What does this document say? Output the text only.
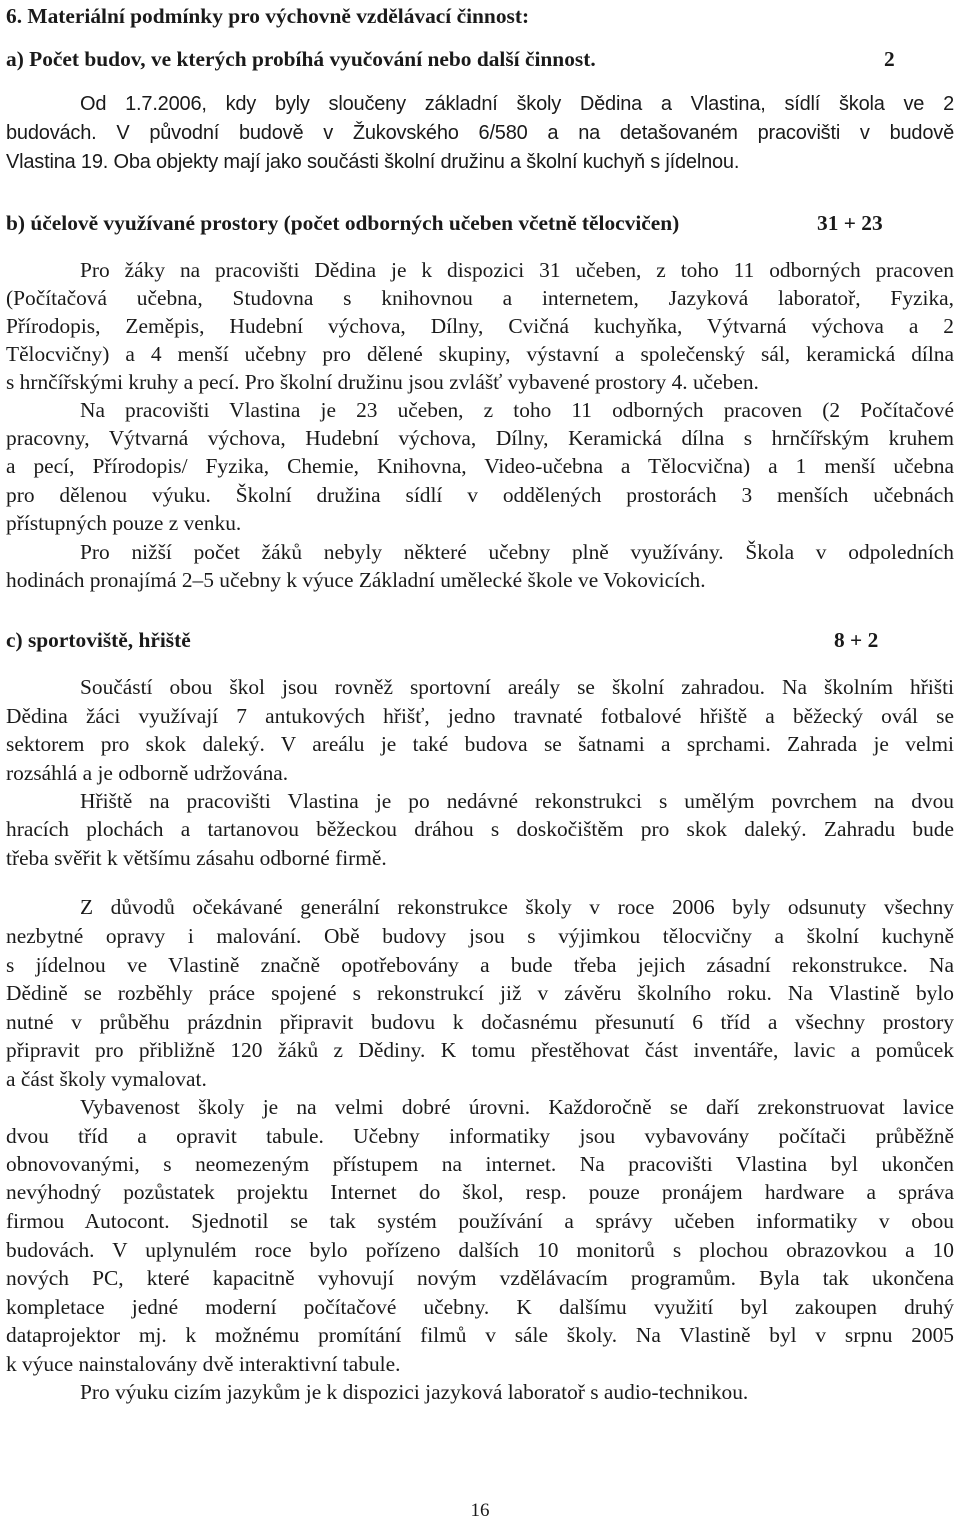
6. Materiální podmínky pro výchovně vzdělávací činnost:
a) Počet budov, ve kterých probíhá vyučování nebo další činnost.	2
Od 1.7.2006, kdy byly sloučeny základní školy Dědina a Vlastina, sídlí škola ve 2
budovách. V původní budově v Žukovského 6/580 a na detašovaném pracovišti v budově
Vlastina 19. Oba objekty mají jako součásti školní družinu a školní kuchyň s jídelnou.
b) účelově využívané prostory (počet odborných učeben včetně tělocvičen)	31 + 23
Pro žáky na pracovišti Dědina je k dispozici 31 učeben, z toho 11 odborných pracoven
(Počítačová učebna, Studovna s knihovnou a internetem, Jazyková laboratoř, Fyzika,
Přírodopis, Zeměpis, Hudební výchova, Dílny, Cvičná kuchyňka, Výtvarná výchova a 2
Tělocvičny) a 4 menší učebny pro dělené skupiny, výstavní a společenský sál, keramická dílna
s hrnčířskými kruhy a pecí. Pro školní družinu jsou zvlášť vybavené prostory 4. učeben.
Na pracovišti Vlastina je 23 učeben, z toho 11 odborných pracoven (2 Počítačové
pracovny, Výtvarná výchova, Hudební výchova, Dílny, Keramická dílna s hrnčířským kruhem
a pecí, Přírodopis/ Fyzika, Chemie, Knihovna, Video-učebna a Tělocvična) a 1 menší učebna
pro dělenou výuku. Školní družina sídlí v oddělených prostorách 3 menších učebnách
přístupných pouze z venku.
Pro nižší počet žáků nebyly některé učebny plně využívány. Škola v odpoledních
hodinách pronajímá 2–5 učebny k výuce Základní umělecké škole ve Vokovicích.
c) sportoviště, hřiště	8 + 2
Součástí obou škol jsou rovněž sportovní areály se školní zahradou. Na školním hřišti
Dědina žáci využívají 7 antukových hřišť, jedno travnaté fotbalové hřiště a běžecký ovál se
sektorem pro skok daleký. V areálu je také budova se šatnami a sprchami. Zahrada je velmi
rozsáhlá a je odborně udržována.
Hřiště na pracovišti Vlastina je po nedávné rekonstrukci s umělým povrchem na dvou
hracích plochách a tartanovou běžeckou dráhou s doskočištěm pro skok daleký. Zahradu bude
třeba svěřit k většímu zásahu odborné firmě.
Z důvodů očekávané generální rekonstrukce školy v roce 2006 byly odsunuty všechny
nezbytné opravy i malování. Obě budovy jsou s výjimkou tělocvičny a školní kuchyně
s jídelnou ve Vlastině značně opotřebovány a bude třeba jejich zásadní rekonstrukce. Na
Dědině se rozběhly práce spojené s rekonstrukcí již v závěru školního roku. Na Vlastině bylo
nutné v průběhu prázdnin připravit budovu k dočasnému přesunutí 6 tříd a všechny prostory
připravit pro přibližně 120 žáků z Dědiny. K tomu přestěhovat část inventáře, lavic a pomůcek
a část školy vymalovat.
Vybavenost školy je na velmi dobré úrovni. Každoročně se daří zrekonstruovat lavice
dvou tříd a opravit tabule. Učebny informatiky jsou vybavovány počítači průběžně
obnovovanými, s neomezeným přístupem na internet. Na pracovišti Vlastina byl ukončen
nevýhodný pozůstatek projektu Internet do škol, resp. pouze pronájem hardware a správa
firmou Autocont. Sjednotil se tak systém používání a správy učeben informatiky v obou
budovách. V uplynulém roce bylo pořízeno dalších 10 monitorů s plochou obrazovkou a 10
nových PC, které kapacitně vyhovují novým vzdělávacím programům. Byla tak ukončena
kompletace jedné moderní počítačové učebny. K dalšímu využití byl zakoupen druhý
dataprojektor mj. k možnému promítání filmů v sále školy. Na Vlastině byl v srpnu 2005
k výuce nainstalovány dvě interaktivní tabule.
Pro výuku cizím jazykům je k dispozici jazyková laboratoř s audio-technikou.
16
